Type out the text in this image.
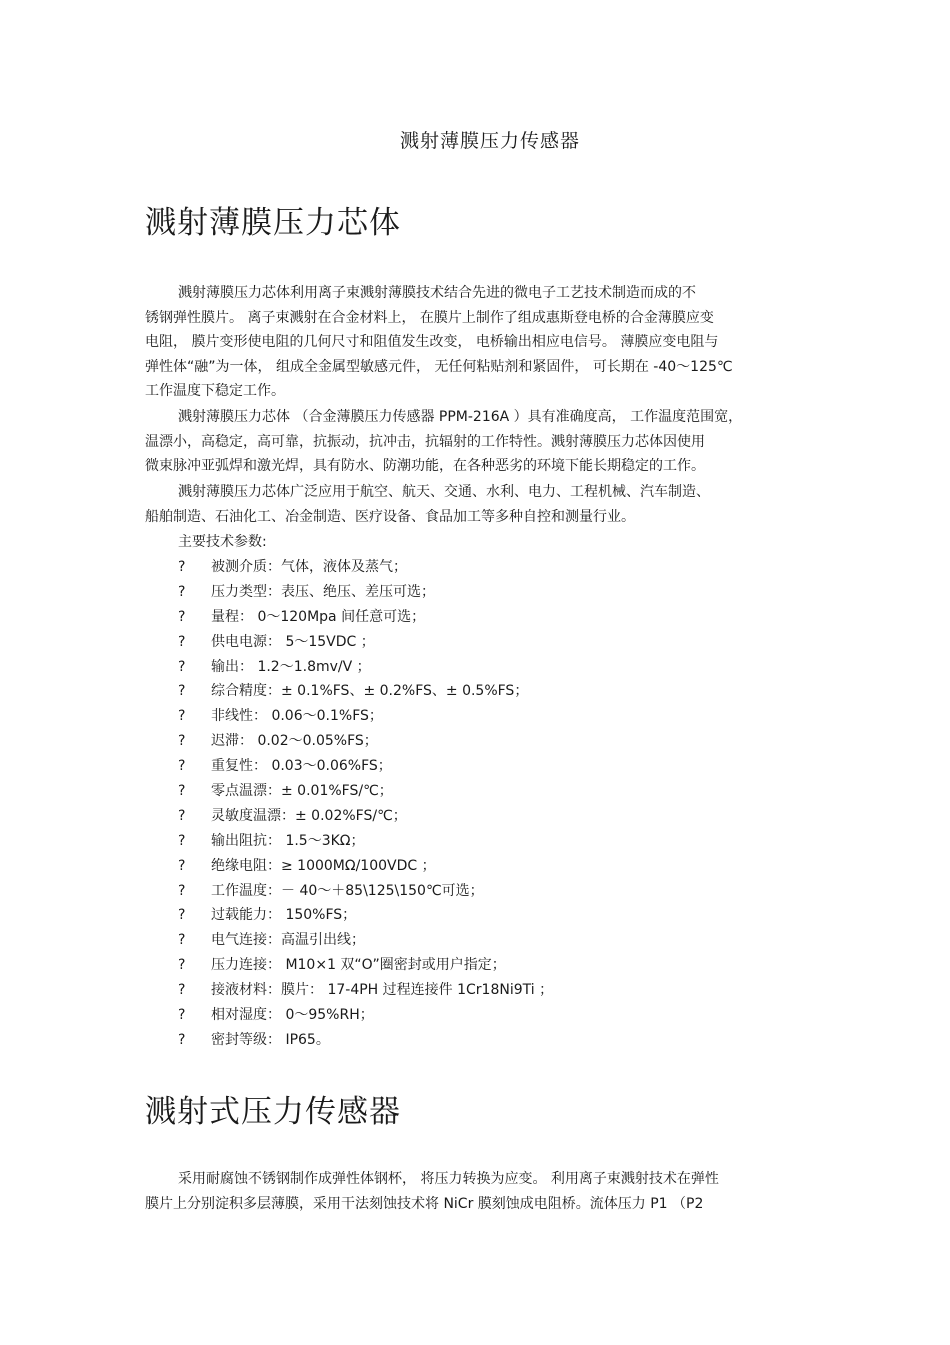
溅射薄膜压力传感器
溅射薄膜压力芯体
溅射薄膜压力芯体利用离子束溅射薄膜技术结合先进的微电子工艺技术制造而成的不
锈钢弹性膜片。 离子束溅射在合金材料上， 在膜片上制作了组成惠斯登电桥的合金薄膜应变
电阻， 膜片变形使电阻的几何尺寸和阻值发生改变， 电桥输出相应电信号。 薄膜应变电阻与
弹性体“融”为一体， 组成全金属型敏感元件， 无任何粘贴剂和紧固件， 可长期在 -40～125℃
工作温度下稳定工作。
溅射薄膜压力芯体 （合金薄膜压力传感器 PPM-216A ）具有准确度高， 工作温度范围宽，
温漂小，高稳定，高可靠，抗振动，抗冲击，抗辐射的工作特性。溅射薄膜压力芯体因使用
微束脉冲亚弧焊和激光焊，具有防水、防潮功能，在各种恶劣的环境下能长期稳定的工作。
溅射薄膜压力芯体广泛应用于航空、航天、交通、水利、电力、工程机械、汽车制造、
船舶制造、石油化工、冶金制造、医疗设备、食品加工等多种自控和测量行业。
主要技术参数:
? 被测介质：气体，液体及蒸气；
? 压力类型：表压、绝压、差压可选；
? 量程： 0～120Mpa 间任意可选；
? 供电电源： 5～15VDC ；
? 输出： 1.2～1.8mv/V ；
? 综合精度：± 0.1%FS、± 0.2%FS、± 0.5%FS；
? 非线性： 0.06～0.1%FS；
? 迟滞： 0.02～0.05%FS；
? 重复性： 0.03～0.06%FS；
? 零点温漂：± 0.01%FS/℃；
? 灵敏度温漂：± 0.02%FS/℃；
? 输出阻抗： 1.5～3KΩ；
? 绝缘电阻：≥ 1000MΩ/100VDC ；
? 工作温度：－ 40～＋85\125\150℃可选；
? 过载能力： 150%FS；
? 电气连接：高温引出线；
? 压力连接： M10×1 双“O”圈密封或用户指定；
? 接液材料：膜片： 17-4PH 过程连接件 1Cr18Ni9Ti ；
? 相对湿度： 0～95%RH；
? 密封等级： IP65。
溅射式压力传感器
采用耐腐蚀不锈钢制作成弹性体钢杯， 将压力转换为应变。 利用离子束溅射技术在弹性
膜片上分别淀积多层薄膜，采用干法刻蚀技术将 NiCr 膜刻蚀成电阻桥。流体压力 P1 （P2
